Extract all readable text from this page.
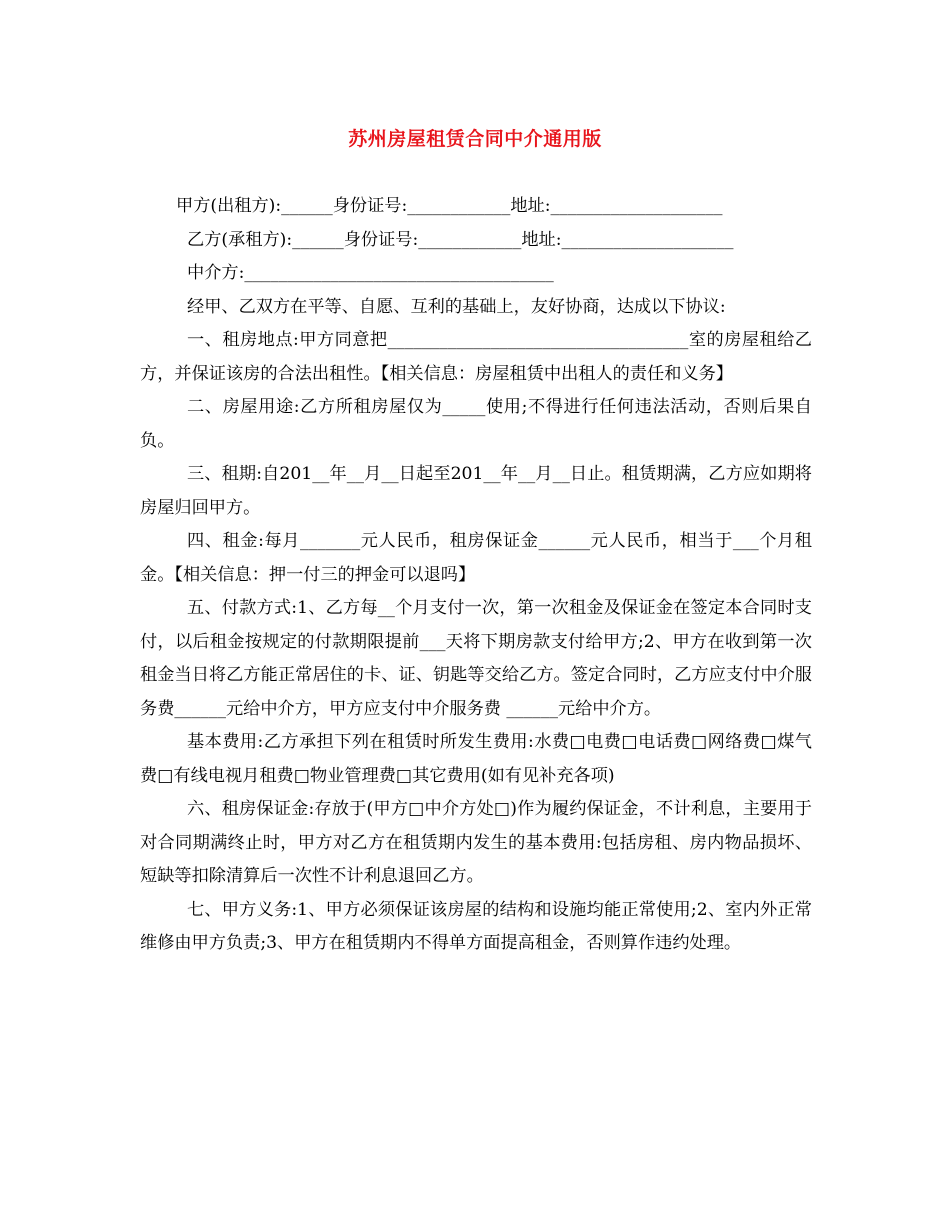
苏州房屋租赁合同中介通用版

甲方(出租方):______身份证号:____________地址:____________________

乙方(承租方):______身份证号:____________地址:____________________

中介方:____________________________________

经甲、乙双方在平等、自愿、互利的基础上，友好协商，达成以下协议:

一、租房地点:甲方同意把___________________________________室的房屋租给乙方，并保证该房的合法出租性。【相关信息：房屋租赁中出租人的责任和义务】

二、房屋用途:乙方所租房屋仅为_____使用;不得进行任何违法活动，否则后果自负。

三、租期:自201__年__月__日起至201__年__月__日止。租赁期满，乙方应如期将房屋归回甲方。

四、租金:每月_______元人民币，租房保证金______元人民币，相当于___个月租金。【相关信息：押一付三的押金可以退吗】

五、付款方式:1、乙方每__个月支付一次，第一次租金及保证金在签定本合同时支付，以后租金按规定的付款期限提前___天将下期房款支付给甲方;2、甲方在收到第一次租金当日将乙方能正常居住的卡、证、钥匙等交给乙方。签定合同时，乙方应支付中介服务费______元给中介方，甲方应支付中介服务费 ______元给中介方。

基本费用:乙方承担下列在租赁时所发生费用:水费□电费□电话费□网络费□煤气费□有线电视月租费□物业管理费□其它费用(如有见补充各项)

六、租房保证金:存放于(甲方□中介方处□)作为履约保证金，不计利息，主要用于对合同期满终止时，甲方对乙方在租赁期内发生的基本费用:包括房租、房内物品损坏、短缺等扣除清算后一次性不计利息退回乙方。

七、甲方义务:1、甲方必须保证该房屋的结构和设施均能正常使用;2、室内外正常维修由甲方负责;3、甲方在租赁期内不得单方面提高租金，否则算作违约处理。
